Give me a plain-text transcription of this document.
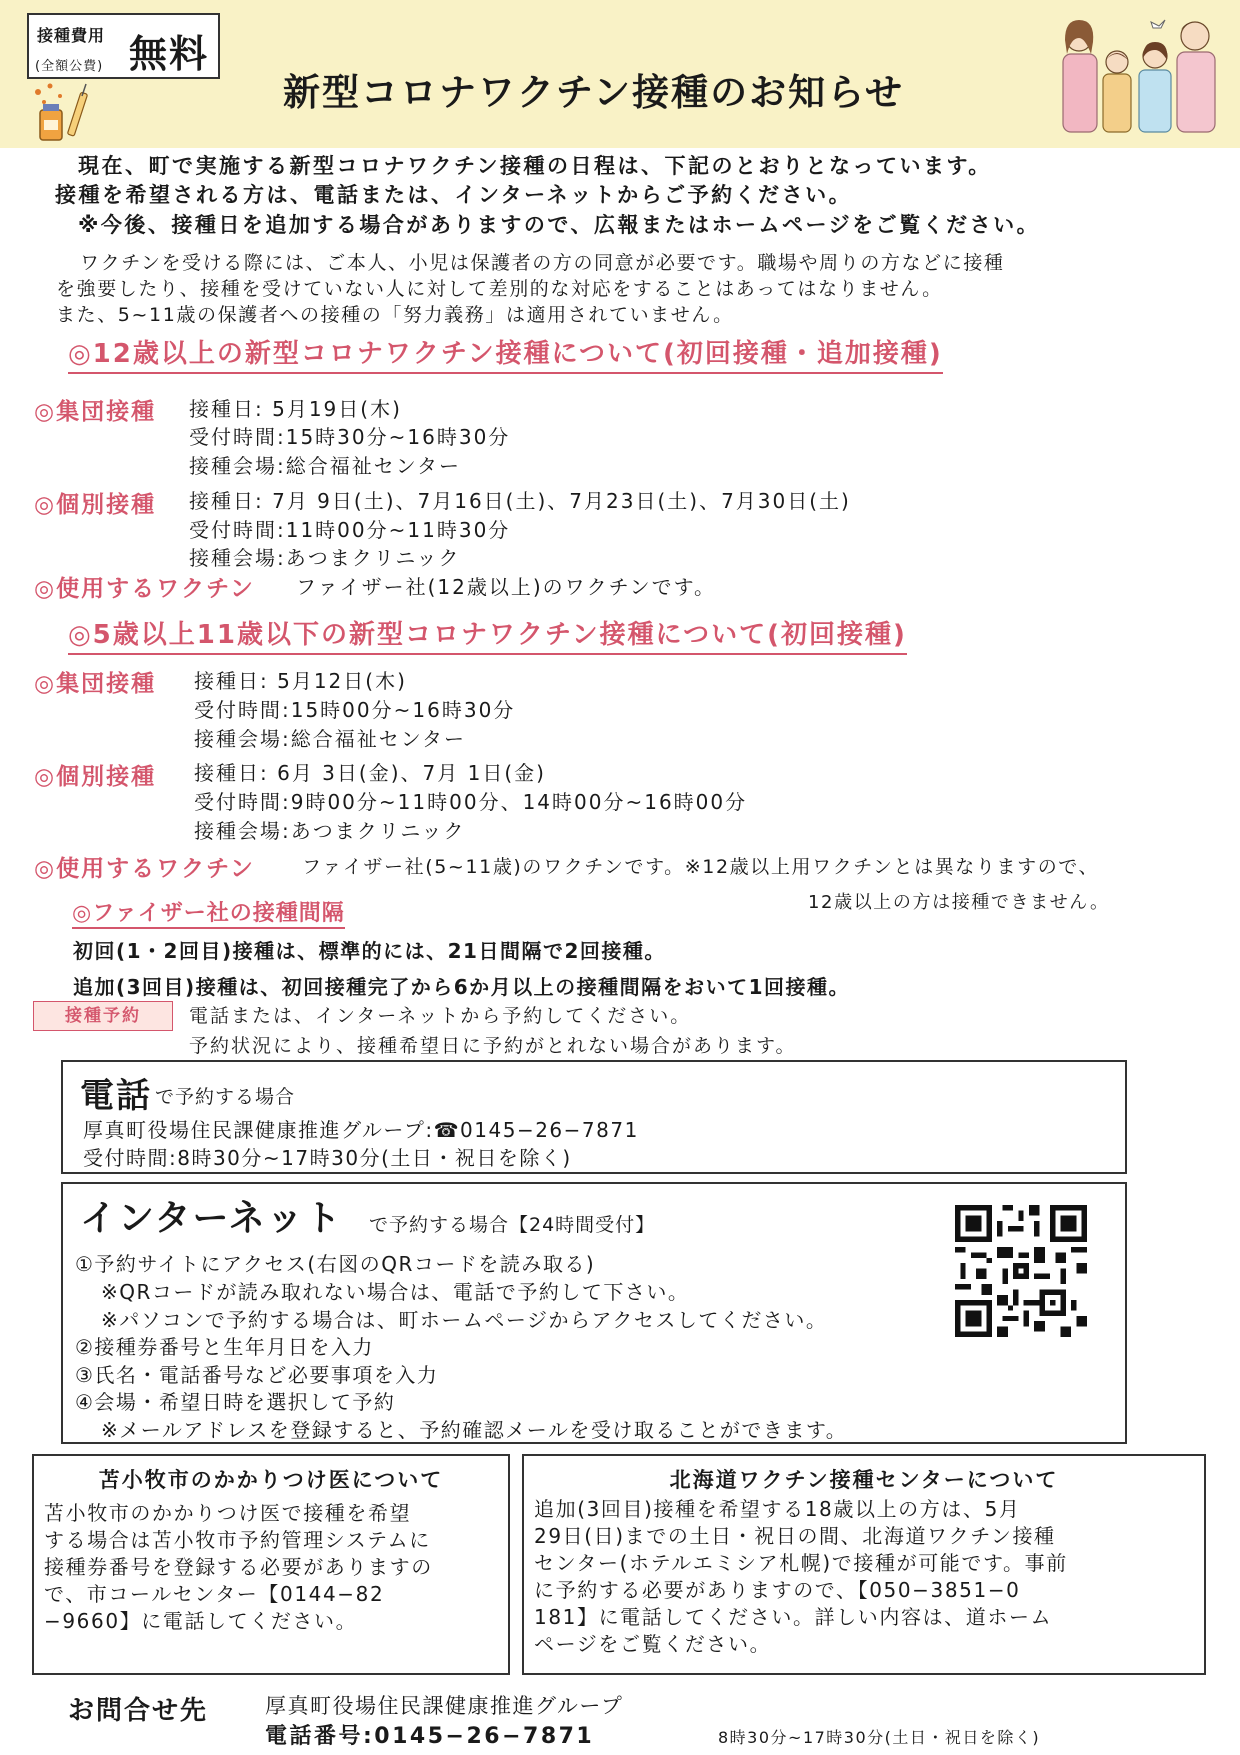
接種費用
(全額公費) 無料
新型コロナワクチン接種のお知らせ
現在、町で実施する新型コロナワクチン接種の日程は、下記のとおりとなっています。
接種を希望される方は、電話または、インターネットからご予約ください。
※今後、接種日を追加する場合がありますので、広報またはホームページをご覧ください。
ワクチンを受ける際には、ご本人、小児は保護者の方の同意が必要です。職場や周りの方などに接種
を強要したり、接種を受けていない人に対して差別的な対応をすることはあってはなりません。
また、5~11歳の保護者への接種の「努力義務」は適用されていません。
◎12歳以上の新型コロナワクチン接種について(初回接種・追加接種)
◎集団接種 接種日: 5月19日(木)
受付時間:15時30分~16時30分
接種会場:総合福祉センター
◎個別接種 接種日: 7月 9日(土)、7月16日(土)、7月23日(土)、7月30日(土)
受付時間:11時00分~11時30分
接種会場:あつまクリニック
◎使用するワクチン ファイザー社(12歳以上)のワクチンです。
◎5歳以上11歳以下の新型コロナワクチン接種について(初回接種)
◎集団接種 接種日: 5月12日(木)
受付時間:15時00分~16時30分
接種会場:総合福祉センター
◎個別接種 接種日: 6月 3日(金)、7月 1日(金)
受付時間:9時00分~11時00分、14時00分~16時00分
接種会場:あつまクリニック
◎使用するワクチン ファイザー社(5~11歳)のワクチンです。※12歳以上用ワクチンとは異なりますので、
12歳以上の方は接種できません。
◎ファイザー社の接種間隔
初回(1・2回目)接種は、標準的には、21日間隔で2回接種。
追加(3回目)接種は、初回接種完了から6か月以上の接種間隔をおいて1回接種。
接種予約	電話または、インターネットから予約してください。
予約状況により、接種希望日に予約がとれない場合があります。
電話 で予約する場合
厚真町役場住民課健康推進グループ:☎0145−26−7871
受付時間:8時30分~17時30分(土日・祝日を除く)
インターネット で予約する場合【24時間受付】
①予約サイトにアクセス(右図のQRコードを読み取る)
※QRコードが読み取れない場合は、電話で予約して下さい。
※パソコンで予約する場合は、町ホームページからアクセスしてください。
②接種券番号と生年月日を入力
③氏名・電話番号など必要事項を入力
④会場・希望日時を選択して予約
※メールアドレスを登録すると、予約確認メールを受け取ることができます。
苫小牧市のかかりつけ医について
苫小牧市のかかりつけ医で接種を希望
する場合は苫小牧市予約管理システムに
接種券番号を登録する必要がありますの
で、市コールセンター【0144−82
−9660】に電話してください。
北海道ワクチン接種センターについて
追加(3回目)接種を希望する18歳以上の方は、5月
29日(日)までの土日・祝日の間、北海道ワクチン接種
センター(ホテルエミシア札幌)で接種が可能です。事前
に予約する必要がありますので、【050−3851−0
181】に電話してください。詳しい内容は、道ホーム
ページをご覧ください。
お問合せ先	厚真町役場住民課健康推進グループ
電話番号:0145−26−7871	8時30分~17時30分(土日・祝日を除く)
